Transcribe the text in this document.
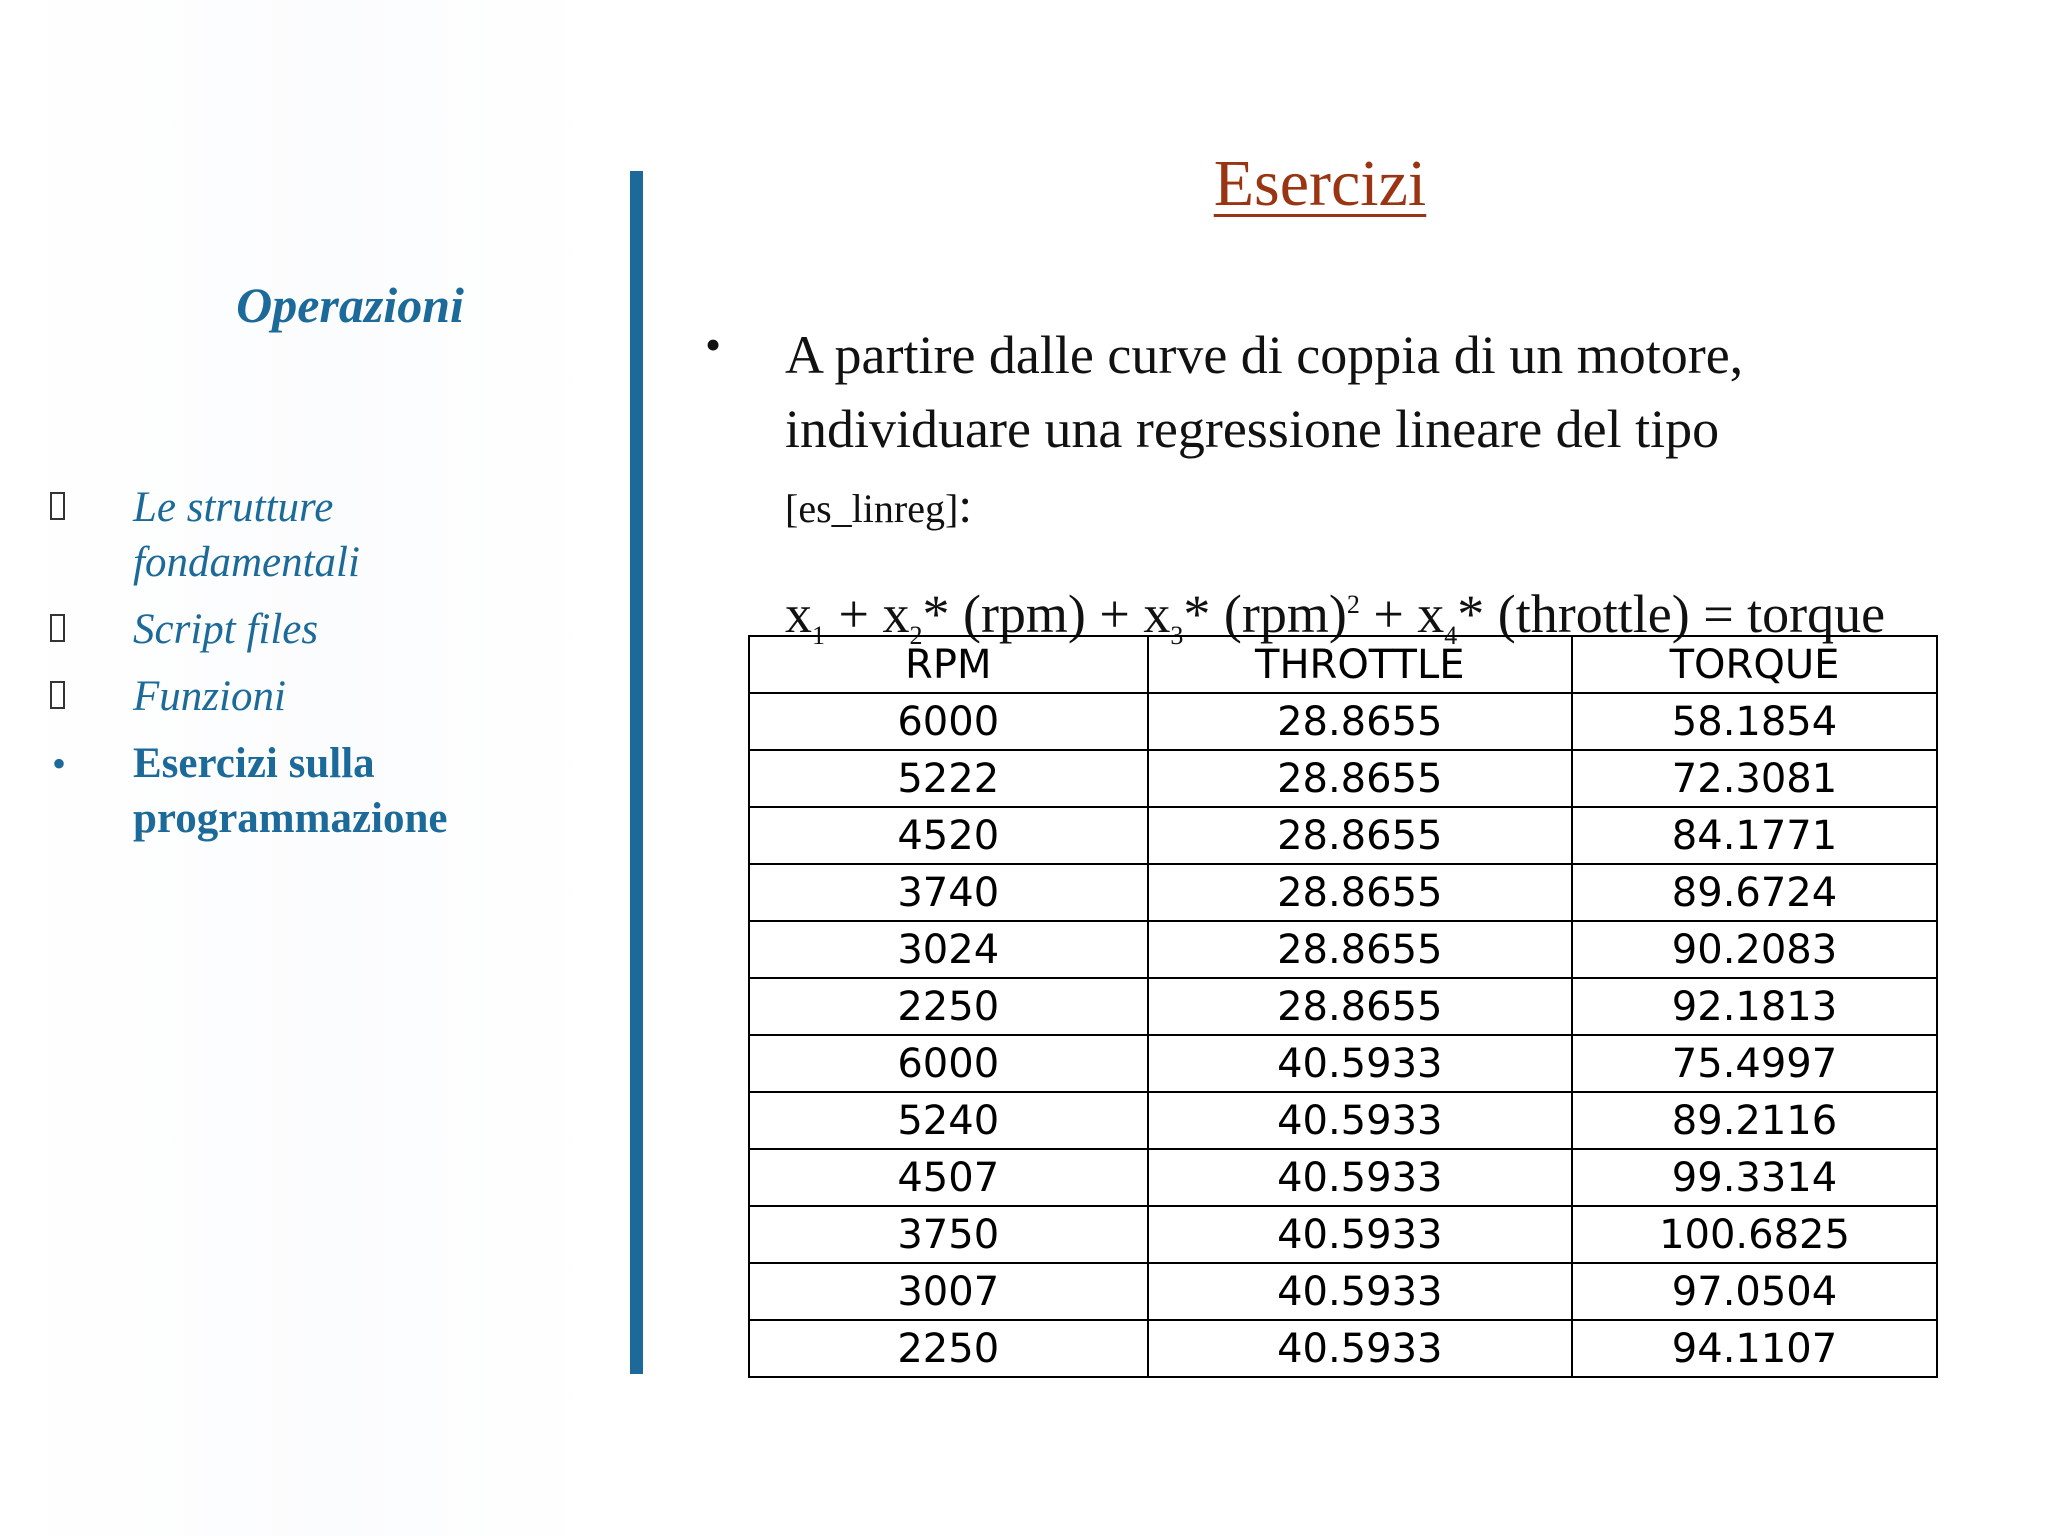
Operazioni
Le strutture fondamentali
Script files
Funzioni
• Esercizi sulla programmazione
Esercizi
• A partire dalle curve di coppia di un motore, individuare una regressione lineare del tipo
[es_linreg]:
$x_1 + x_2*$ $(rpm) + x_3*$ $(rpm)^2 + x_4*$ (throttle) = torque
RPM	THROTTLE	TORQUE
6000	28.8655	58.1854
5222	28.8655	72.3081
4520	28.8655	84.1771
3740	28.8655	89.6724
3024	28.8655	90.2083
2250	28.8655	92.1813
6000	40.5933	75.4997
5240	40.5933	89.2116
4507	40.5933	99.3314
3750	40.5933	100.6825
3007	40.5933	97.0504
2250	40.5933	94.1107
